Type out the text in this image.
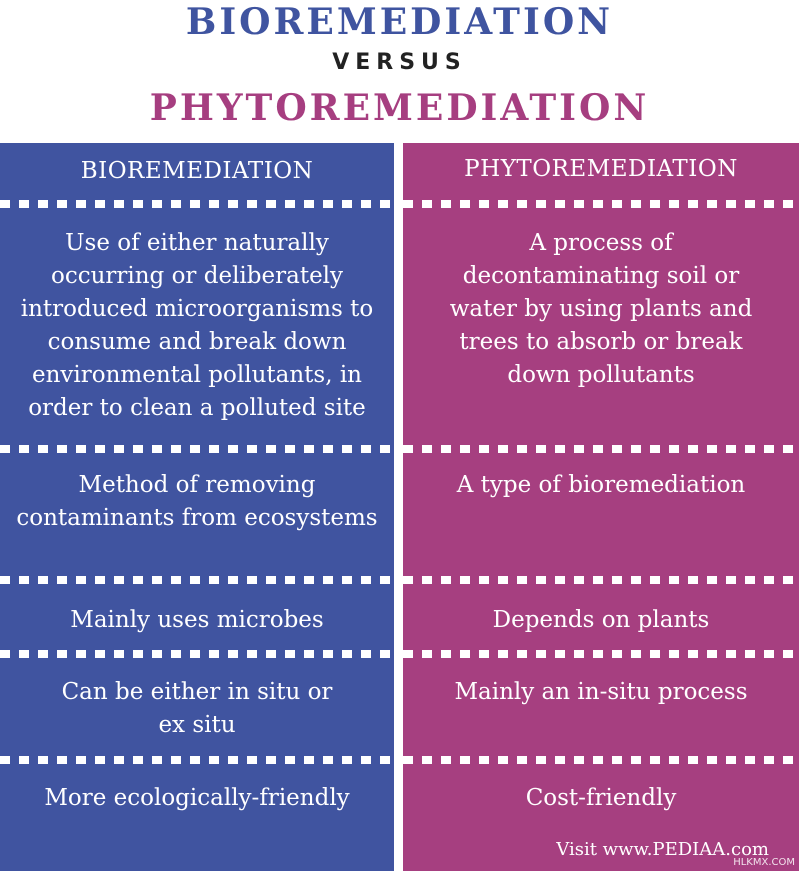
BIOREMEDIATION
VERSUS
PHYTOREMEDIATION
BIOREMEDIATION
Use of either naturally occurring or deliberately introduced microorganisms to consume and break down environmental pollutants, in order to clean a polluted site
Method of removing contaminants from ecosystems
Mainly uses microbes
Can be either in situ or ex situ
More ecologically-friendly
PHYTOREMEDIATION
A process of decontaminating soil or water by using plants and trees to absorb or break down pollutants
A type of bioremediation
Depends on plants
Mainly an in-situ process
Cost-friendly
Visit www.PEDIAA.com
HLKMX.COM
